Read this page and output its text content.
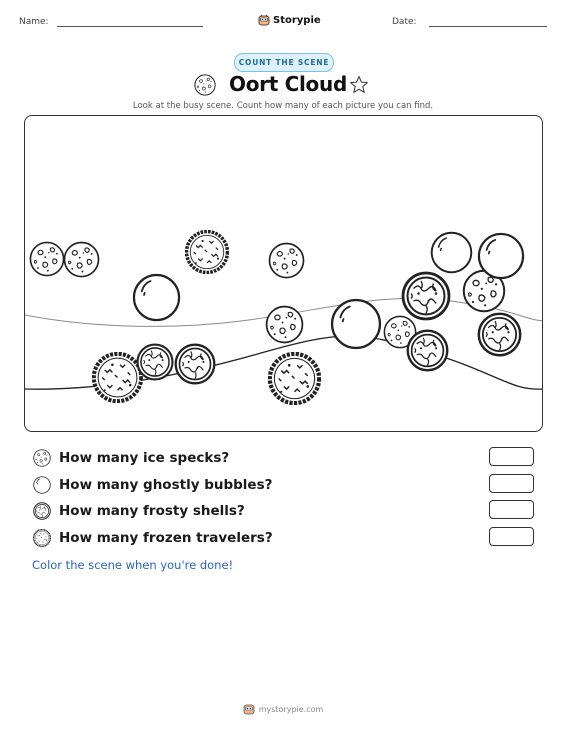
Name:	Storypie	Date:
COUNT THE SCENE
Oort Cloud
Look at the busy scene. Count how many of each picture you can find.
How many ice specks?
How many ghostly bubbles?
How many frosty shells?
How many frozen travelers?
Color the scene when you're done!
mystorypie.com
